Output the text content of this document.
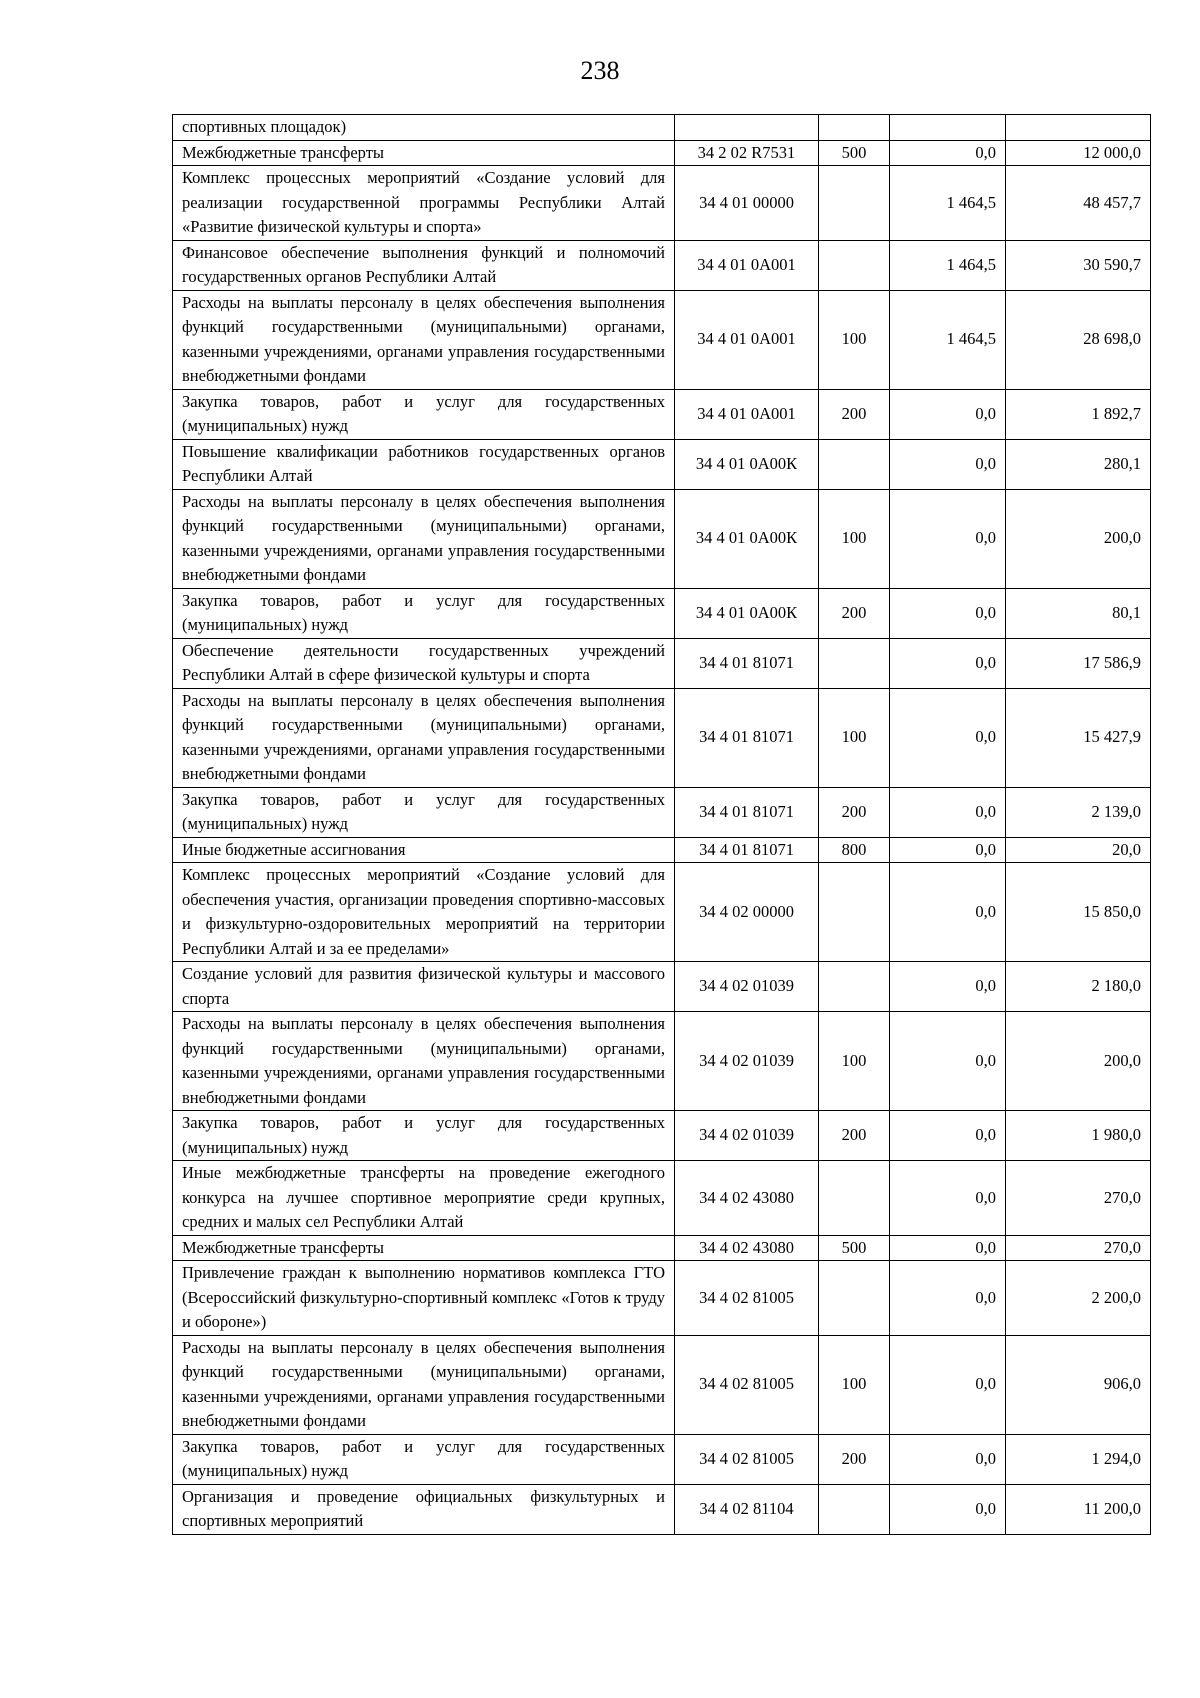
238
спортивных площадок)				
Межбюджетные трансферты	34 2 02 R7531	500	0,0	12 000,0
Комплекс процессных мероприятий «Создание условий для реализации государственной программы Республики Алтай «Развитие физической культуры и спорта»	34 4 01 00000		1 464,5	48 457,7
Финансовое обеспечение выполнения функций и полномочий государственных органов Республики Алтай	34 4 01 0А001		1 464,5	30 590,7
Расходы на выплаты персоналу в целях обеспечения выполнения функций государственными (муниципальными) органами, казенными учреждениями, органами управления государственными внебюджетными фондами	34 4 01 0А001	100	1 464,5	28 698,0
Закупка товаров, работ и услуг для государственных (муниципальных) нужд	34 4 01 0А001	200	0,0	1 892,7
Повышение квалификации работников государственных органов Республики Алтай	34 4 01 0А00К		0,0	280,1
Расходы на выплаты персоналу в целях обеспечения выполнения функций государственными (муниципальными) органами, казенными учреждениями, органами управления государственными внебюджетными фондами	34 4 01 0А00К	100	0,0	200,0
Закупка товаров, работ и услуг для государственных (муниципальных) нужд	34 4 01 0А00К	200	0,0	80,1
Обеспечение деятельности государственных учреждений Республики Алтай в сфере физической культуры и спорта	34 4 01 81071		0,0	17 586,9
Расходы на выплаты персоналу в целях обеспечения выполнения функций государственными (муниципальными) органами, казенными учреждениями, органами управления государственными внебюджетными фондами	34 4 01 81071	100	0,0	15 427,9
Закупка товаров, работ и услуг для государственных (муниципальных) нужд	34 4 01 81071	200	0,0	2 139,0
Иные бюджетные ассигнования	34 4 01 81071	800	0,0	20,0
Комплекс процессных мероприятий «Создание условий для обеспечения участия, организации проведения спортивно-массовых и физкультурно-оздоровительных мероприятий на территории Республики Алтай и за ее пределами»	34 4 02 00000		0,0	15 850,0
Создание условий для развития физической культуры и массового спорта	34 4 02 01039		0,0	2 180,0
Расходы на выплаты персоналу в целях обеспечения выполнения функций государственными (муниципальными) органами, казенными учреждениями, органами управления государственными внебюджетными фондами	34 4 02 01039	100	0,0	200,0
Закупка товаров, работ и услуг для государственных (муниципальных) нужд	34 4 02 01039	200	0,0	1 980,0
Иные межбюджетные трансферты на проведение ежегодного конкурса на лучшее спортивное мероприятие среди крупных, средних и малых сел Республики Алтай	34 4 02 43080		0,0	270,0
Межбюджетные трансферты	34 4 02 43080	500	0,0	270,0
Привлечение граждан к выполнению нормативов комплекса ГТО (Всероссийский физкультурно-спортивный комплекс «Готов к труду и обороне»)	34 4 02 81005		0,0	2 200,0
Расходы на выплаты персоналу в целях обеспечения выполнения функций государственными (муниципальными) органами, казенными учреждениями, органами управления государственными внебюджетными фондами	34 4 02 81005	100	0,0	906,0
Закупка товаров, работ и услуг для государственных (муниципальных) нужд	34 4 02 81005	200	0,0	1 294,0
Организация и проведение официальных физкультурных и спортивных мероприятий	34 4 02 81104		0,0	11 200,0
